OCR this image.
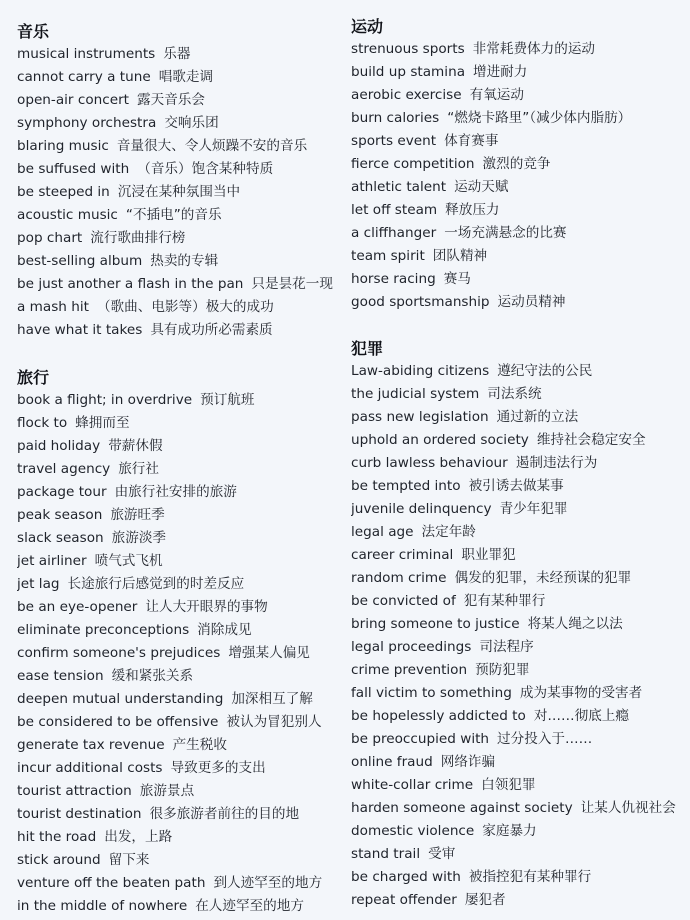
音乐
musical instruments 乐器
cannot carry a tune 唱歌走调
open-air concert 露天音乐会
symphony orchestra 交响乐团
blaring music 音量很大、令人烦躁不安的音乐
be suffused with （音乐）饱含某种特质
be steeped in 沉浸在某种氛围当中
acoustic music “不插电”的音乐
pop chart 流行歌曲排行榜
best-selling album 热卖的专辑
be just another a flash in the pan 只是昙花一现
a mash hit （歌曲、电影等）极大的成功
have what it takes 具有成功所必需素质
旅行
book a flight; in overdrive 预订航班
flock to 蜂拥而至
paid holiday 带薪休假
travel agency 旅行社
package tour 由旅行社安排的旅游
peak season 旅游旺季
slack season 旅游淡季
jet airliner 喷气式飞机
jet lag 长途旅行后感觉到的时差反应
be an eye-opener 让人大开眼界的事物
eliminate preconceptions 消除成见
confirm someone's prejudices 增强某人偏见
ease tension 缓和紧张关系
deepen mutual understanding 加深相互了解
be considered to be offensive 被认为冒犯别人
generate tax revenue 产生税收
incur additional costs 导致更多的支出
tourist attraction 旅游景点
tourist destination 很多旅游者前往的目的地
hit the road 出发，上路
stick around 留下来
venture off the beaten path 到人迹罕至的地方
in the middle of nowhere 在人迹罕至的地方
运动
strenuous sports 非常耗费体力的运动
build up stamina 增进耐力
aerobic exercise 有氧运动
burn calories “燃烧卡路里”（减少体内脂肪）
sports event 体育赛事
fierce competition 激烈的竞争
athletic talent 运动天赋
let off steam 释放压力
a cliffhanger 一场充满悬念的比赛
team spirit 团队精神
horse racing 赛马
good sportsmanship 运动员精神
犯罪
Law-abiding citizens 遵纪守法的公民
the judicial system 司法系统
pass new legislation 通过新的立法
uphold an ordered society 维持社会稳定安全
curb lawless behaviour 遏制违法行为
be tempted into 被引诱去做某事
juvenile delinquency 青少年犯罪
legal age 法定年龄
career criminal 职业罪犯
random crime 偶发的犯罪，未经预谋的犯罪
be convicted of 犯有某种罪行
bring someone to justice 将某人绳之以法
legal proceedings 司法程序
crime prevention 预防犯罪
fall victim to something 成为某事物的受害者
be hopelessly addicted to 对……彻底上瘾
be preoccupied with 过分投入于……
online fraud 网络诈骗
white-collar crime 白领犯罪
harden someone against society 让某人仇视社会
domestic violence 家庭暴力
stand trail 受审
be charged with 被指控犯有某种罪行
repeat offender 屡犯者
